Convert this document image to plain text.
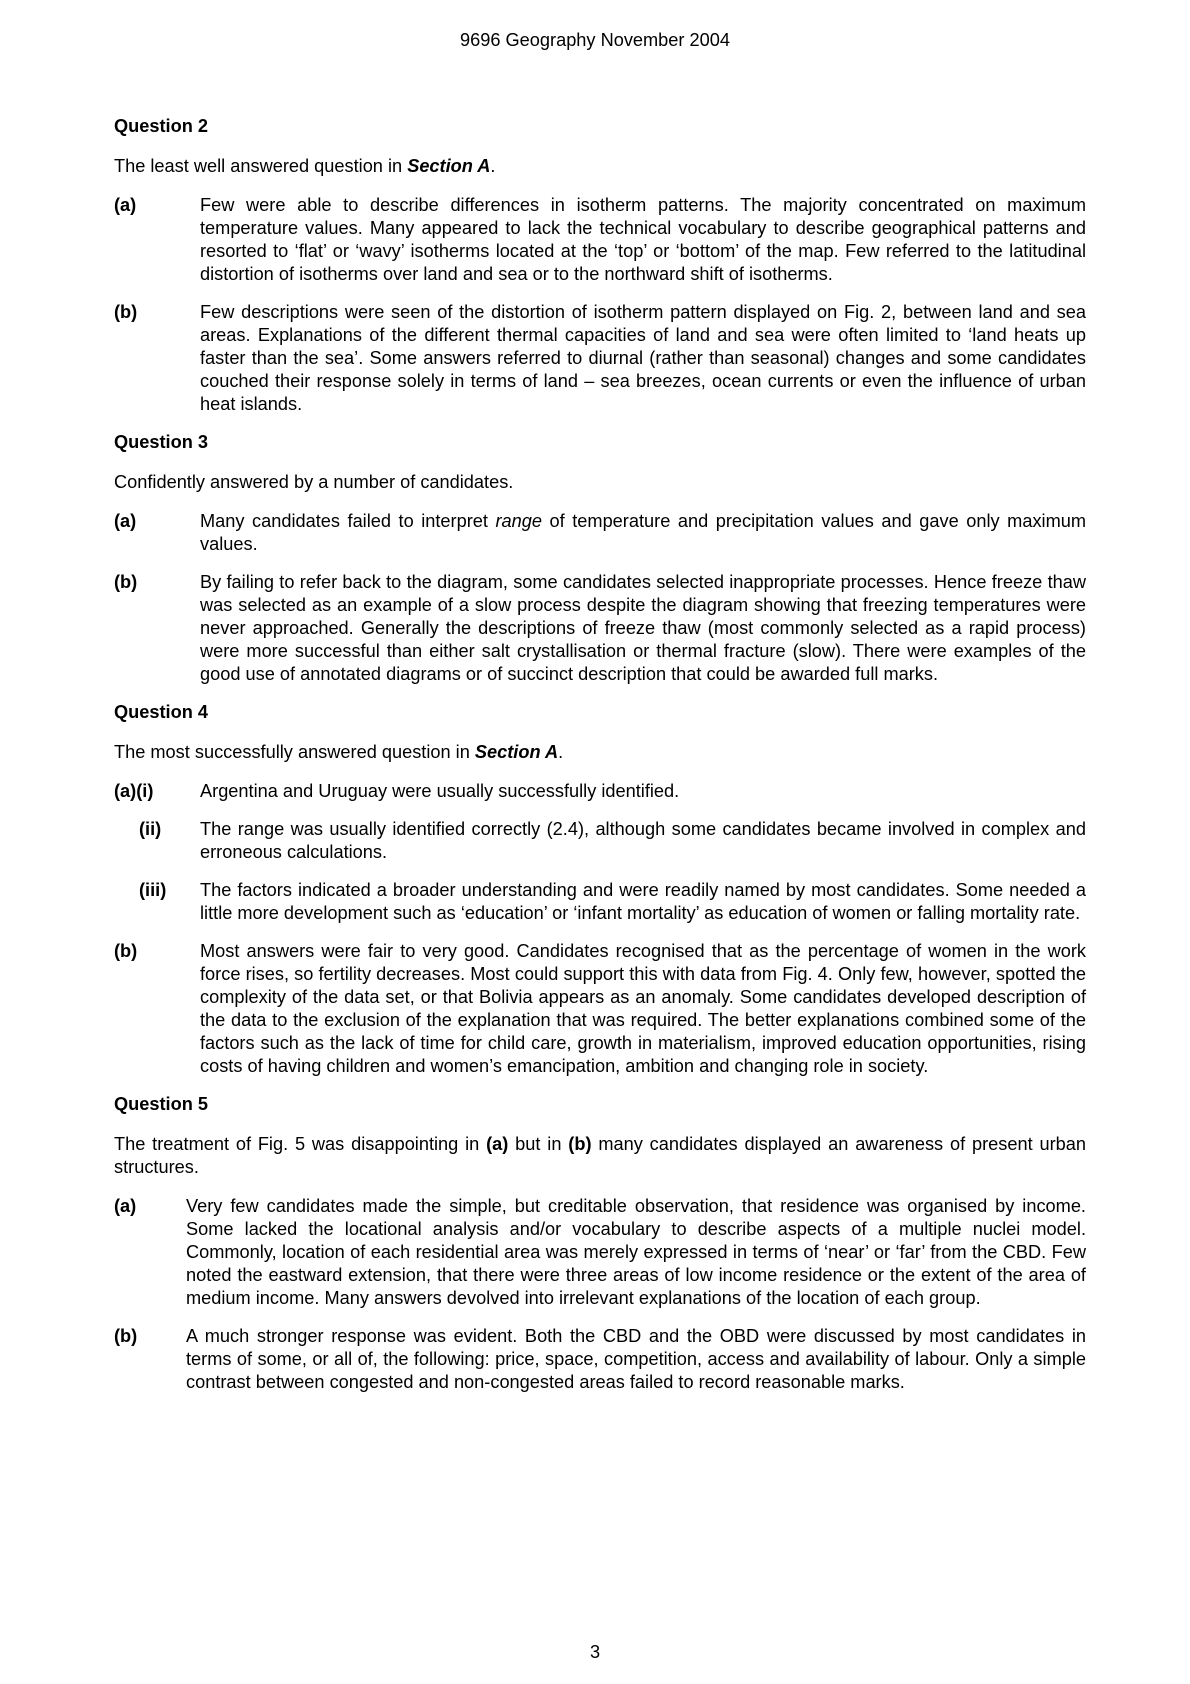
9696 Geography November 2004

Question 2

The least well answered question in Section A.

(a)	Few were able to describe differences in isotherm patterns. The majority concentrated on maximum temperature values. Many appeared to lack the technical vocabulary to describe geographical patterns and resorted to ‘flat’ or ‘wavy’ isotherms located at the ‘top’ or ‘bottom’ of the map. Few referred to the latitudinal distortion of isotherms over land and sea or to the northward shift of isotherms.
(b)	Few descriptions were seen of the distortion of isotherm pattern displayed on Fig. 2, between land and sea areas. Explanations of the different thermal capacities of land and sea were often limited to ‘land heats up faster than the sea’. Some answers referred to diurnal (rather than seasonal) changes and some candidates couched their response solely in terms of land – sea breezes, ocean currents or even the influence of urban heat islands.

Question 3

Confidently answered by a number of candidates.

(a)	Many candidates failed to interpret range of temperature and precipitation values and gave only maximum values.
(b)	By failing to refer back to the diagram, some candidates selected inappropriate processes. Hence freeze thaw was selected as an example of a slow process despite the diagram showing that freezing temperatures were never approached. Generally the descriptions of freeze thaw (most commonly selected as a rapid process) were more successful than either salt crystallisation or thermal fracture (slow). There were examples of the good use of annotated diagrams or of succinct description that could be awarded full marks.

Question 4

The most successfully answered question in Section A.

(a)(i)	Argentina and Uruguay were usually successfully identified.
(ii)	The range was usually identified correctly (2.4), although some candidates became involved in complex and erroneous calculations.
(iii)	The factors indicated a broader understanding and were readily named by most candidates. Some needed a little more development such as ‘education’ or ‘infant mortality’ as education of women or falling mortality rate.
(b)	Most answers were fair to very good. Candidates recognised that as the percentage of women in the work force rises, so fertility decreases. Most could support this with data from Fig. 4. Only few, however, spotted the complexity of the data set, or that Bolivia appears as an anomaly. Some candidates developed description of the data to the exclusion of the explanation that was required. The better explanations combined some of the factors such as the lack of time for child care, growth in materialism, improved education opportunities, rising costs of having children and women’s emancipation, ambition and changing role in society.

Question 5

The treatment of Fig. 5 was disappointing in (a) but in (b) many candidates displayed an awareness of present urban structures.

(a)	Very few candidates made the simple, but creditable observation, that residence was organised by income. Some lacked the locational analysis and/or vocabulary to describe aspects of a multiple nuclei model. Commonly, location of each residential area was merely expressed in terms of ‘near’ or ‘far’ from the CBD. Few noted the eastward extension, that there were three areas of low income residence or the extent of the area of medium income. Many answers devolved into irrelevant explanations of the location of each group.
(b)	A much stronger response was evident. Both the CBD and the OBD were discussed by most candidates in terms of some, or all of, the following: price, space, competition, access and availability of labour. Only a simple contrast between congested and non-congested areas failed to record reasonable marks.
3
